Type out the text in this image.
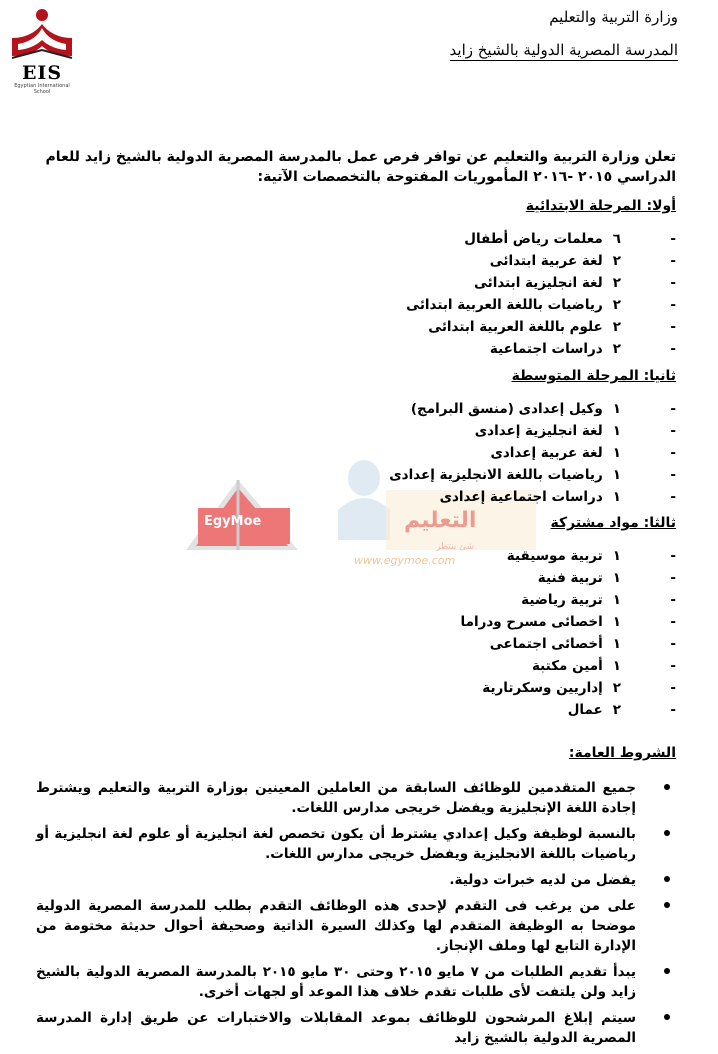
EIS
Egyptian International School
وزارة التربية والتعليم
المدرسة المصرية الدولية بالشيخ زايد
EgyMoe	التعليم
شئ ينتظر
www.egymoe.com
تعلن وزارة التربية والتعليم عن توافر فرص عمل بالمدرسة المصرية الدولية بالشيخ زايد للعام الدراسي ٢٠١٥ -٢٠١٦ المأموريات المفتوحة بالتخصصات الآتية:
أولا: المرحلة الابتدائية
-
٦معلمات رياض أطفال
-
٢لغة عربية ابتدائى
-
٢لغة انجليزية ابتدائى
-
٢رياضيات باللغة العربية ابتدائى
-
٢علوم باللغة العربية ابتدائى
-
٢دراسات اجتماعية
ثانيا: المرحلة المتوسطة
-
١وكيل إعدادى (منسق البرامج)
-
١لغة انجليزية إعدادى
-
١لغة عربية إعدادى
-
١رياضيات باللغة الانجليزية إعدادى
-
١دراسات اجتماعية إعدادى
ثالثا: مواد مشتركة
-
١تربية موسيقية
-
١تربية فنية
-
١تربية رياضية
-
١اخصائى مسرح ودراما
-
١أخصائى اجتماعى
-
١أمين مكتبة
-
٢إداريين وسكرتارية
-
٢عمال
الشروط العامة:
جميع المتقدمين للوظائف السابقة من العاملين المعينين بوزارة التربية والتعليم ويشترط إجادة اللغة الإنجليزية ويفضل خريجى مدارس اللغات.
بالنسبة لوظيفة وكيل إعدادي يشترط أن يكون تخصص لغة انجليزية أو علوم لغة انجليزية أو رياضيات باللغة الانجليزية ويفضل خريجى مدارس اللغات.
يفضل من لديه خبرات دولية.
على من يرغب فى التقدم لإحدى هذه الوظائف التقدم بطلب للمدرسة المصرية الدولية موضحا به الوظيفة المتقدم لها وكذلك السيرة الذاتية وصحيفة أحوال حديثة مختومة من الإدارة التابع لها وملف الإنجاز.
يبدأ تقديم الطلبات من ٧ مايو ٢٠١٥ وحتى ٣٠ مايو ٢٠١٥ بالمدرسة المصرية الدولية بالشيخ زايد ولن يلتفت لأى طلبات تقدم خلاف هذا الموعد أو لجهات أخرى.
سيتم إبلاغ المرشحون للوظائف بموعد المقابلات والاختبارات عن طريق إدارة المدرسة المصرية الدولية بالشيخ زايد
